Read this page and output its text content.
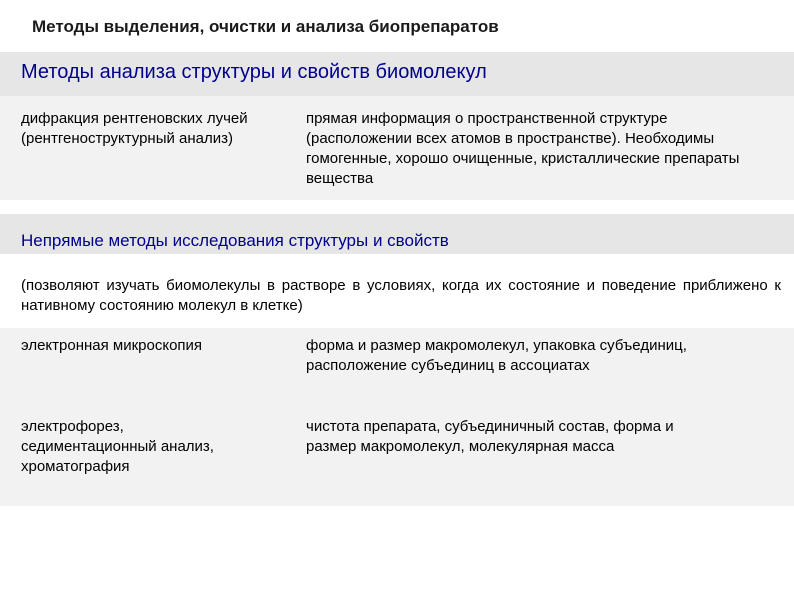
Методы выделения, очистки и анализа биопрепаратов
Методы анализа структуры и свойств биомолекул
дифракция рентгеновских лучей (рентгеноструктурный анализ)
прямая информация о пространственной структуре (расположении всех атомов в пространстве). Необходимы гомогенные, хорошо очищенные, кристаллические препараты вещества
Непрямые методы исследования структуры и свойств
(позволяют изучать биомолекулы в растворе в условиях, когда их состояние и поведение приближено к нативному состоянию молекул в клетке)
электронная микроскопия	форма и размер макромолекул, упаковка субъединиц, расположение субъединиц в ассоциатах
электрофорез, седиментационный анализ, хроматография
чистота препарата, субъединичный состав, форма и размер макромолекул, молекулярная масса
